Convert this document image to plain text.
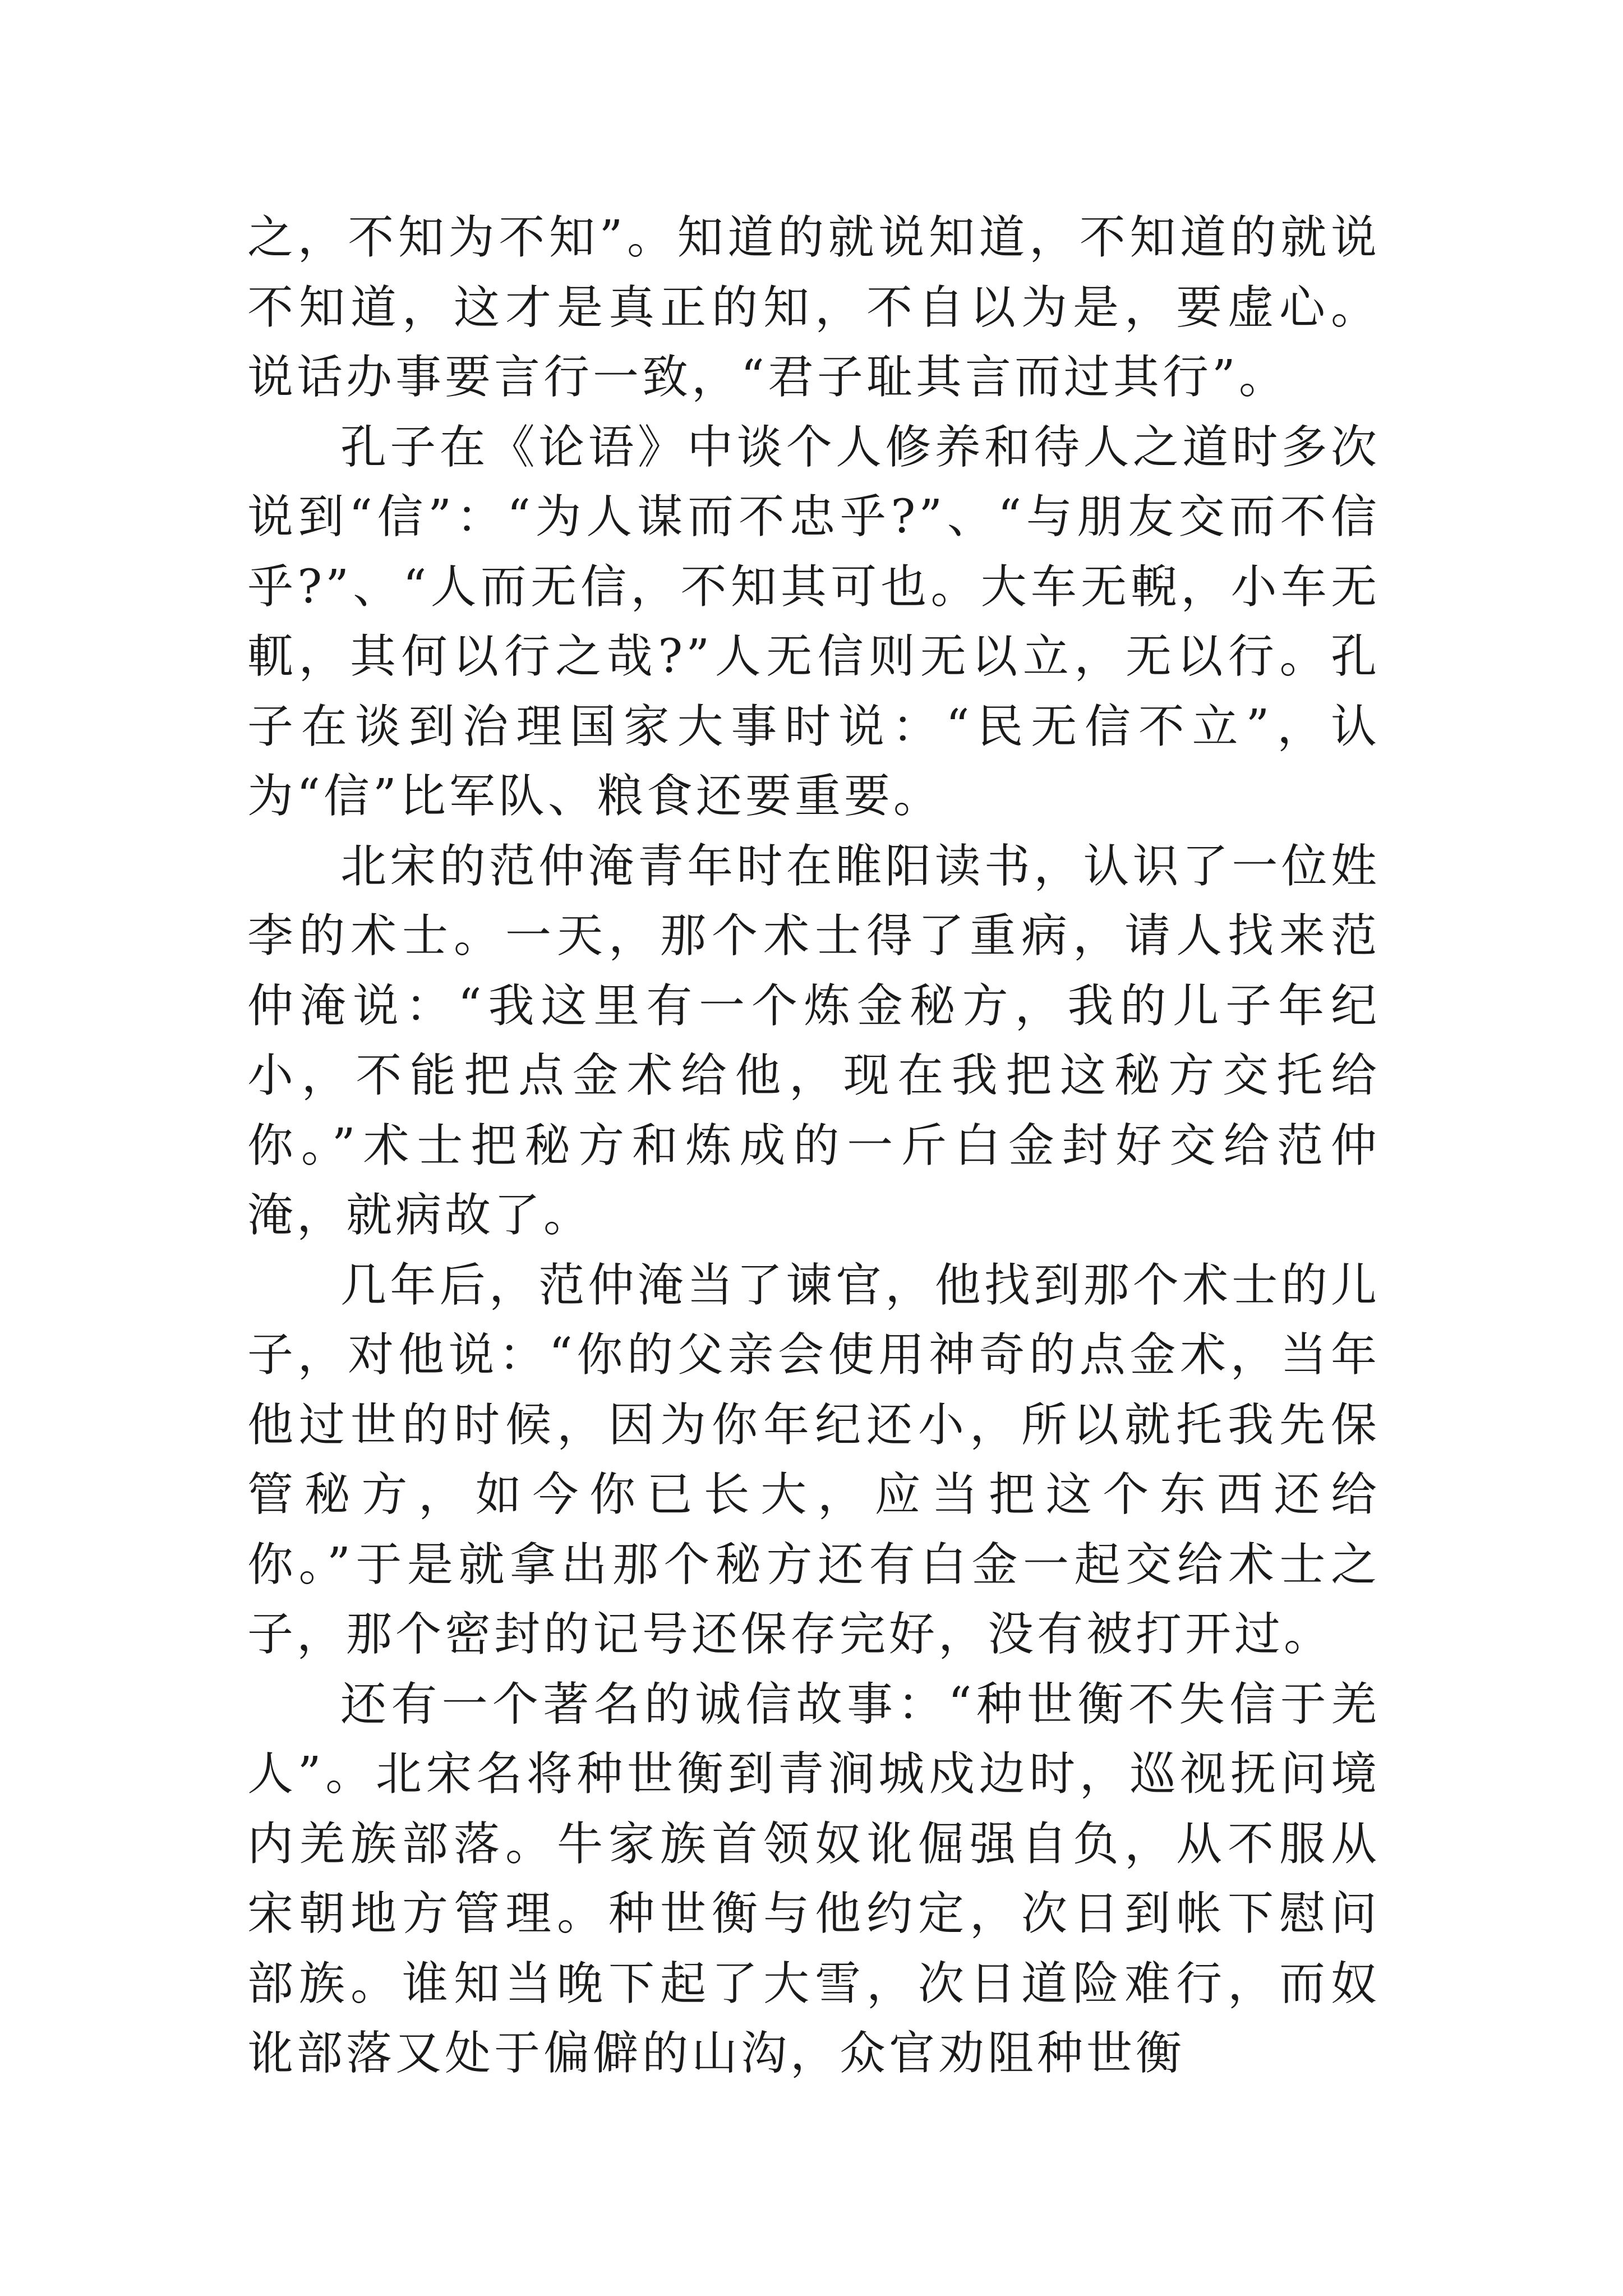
之，不知为不知”。知道的就说知道，不知道的就说不知道，这才是真正的知，不自以为是，要虚心。说话办事要言行一致，“君子耻其言而过其行”。

孔子在《论语》中谈个人修养和待人之道时多次说到“信”：“为人谋而不忠乎?”、“与朋友交而不信乎?”、“人而无信，不知其可也。大车无輗，小车无軏，其何以行之哉?”人无信则无以立，无以行。孔子在谈到治理国家大事时说：“民无信不立”，认为“信”比军队、粮食还要重要。

北宋的范仲淹青年时在睢阳读书，认识了一位姓李的术士。一天，那个术士得了重病，请人找来范仲淹说：“我这里有一个炼金秘方，我的儿子年纪小，不能把点金术给他，现在我把这秘方交托给你。”术士把秘方和炼成的一斤白金封好交给范仲淹，就病故了。

几年后，范仲淹当了谏官，他找到那个术士的儿子，对他说：“你的父亲会使用神奇的点金术，当年他过世的时候，因为你年纪还小，所以就托我先保管秘方，如今你已长大，应当把这个东西还给你。”于是就拿出那个秘方还有白金一起交给术士之子，那个密封的记号还保存完好，没有被打开过。

还有一个著名的诚信故事：“种世衡不失信于羌人”。北宋名将种世衡到青涧城戍边时，巡视抚问境内羌族部落。牛家族首领奴讹倔强自负，从不服从宋朝地方管理。种世衡与他约定，次日到帐下慰问部族。谁知当晚下起了大雪，次日道险难行，而奴讹部落又处于偏僻的山沟，众官劝阻种世衡
